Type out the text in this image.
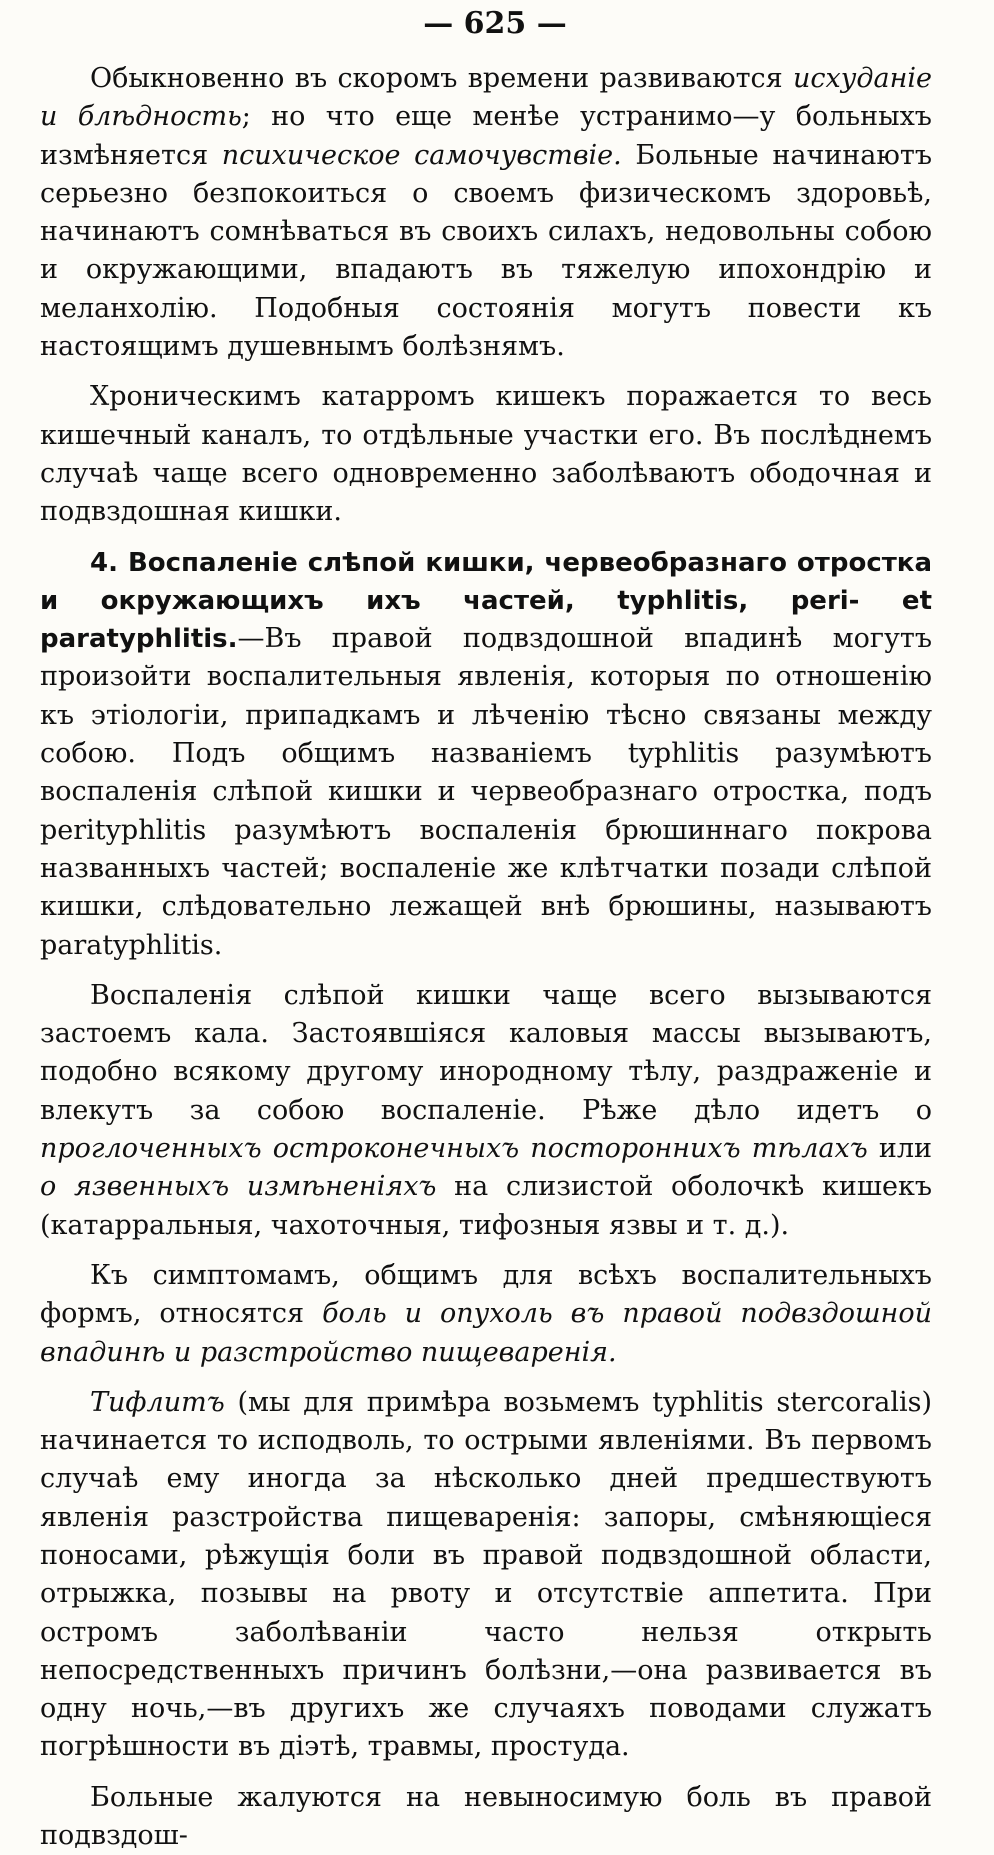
— 625 —

Обыкновенно въ скоромъ времени развиваются исхуданіе и блѣдность; но что еще менѣе устранимо—у больныхъ измѣняется психическое самочувствіе. Больные начинаютъ серьезно безпокоиться о своемъ физическомъ здоровьѣ, начинаютъ сомнѣваться въ своихъ силахъ, недовольны собою и окружающими, впадаютъ въ тяжелую ипохондрію и меланхолію. Подобныя состоянія могутъ повести къ настоящимъ душевнымъ болѣзнямъ.

Хроническимъ катарромъ кишекъ поражается то весь кишечный каналъ, то отдѣльные участки его. Въ послѣднемъ случаѣ чаще всего одновременно заболѣваютъ ободочная и подвздошная кишки.

4. Воспаленіе слѣпой кишки, червеобразнаго отростка и окружающихъ ихъ частей, typhlitis, peri- et paratyphlitis.—Въ правой подвздошной впадинѣ могутъ произойти воспалительныя явленія, которыя по отношенію къ этіологіи, припадкамъ и лѣченію тѣсно связаны между собою. Подъ общимъ названіемъ typhlitis разумѣютъ воспаленія слѣпой кишки и червеобразнаго отростка, подъ perityphlitis разумѣютъ воспаленія брюшиннаго покрова названныхъ частей; воспаленіе же клѣтчатки позади слѣпой кишки, слѣдовательно лежащей внѣ брюшины, называютъ paratyphlitis.

Воспаленія слѣпой кишки чаще всего вызываются застоемъ кала. Застоявшіяся каловыя массы вызываютъ, подобно всякому другому инородному тѣлу, раздраженіе и влекутъ за собою воспаленіе. Рѣже дѣло идетъ о проглоченныхъ остроконечныхъ постороннихъ тѣлахъ или о язвенныхъ измѣненіяхъ на слизистой оболочкѣ кишекъ (катарральныя, чахоточныя, тифозныя язвы и т. д.).

Къ симптомамъ, общимъ для всѣхъ воспалительныхъ формъ, относятся боль и опухоль въ правой подвздошной впадинѣ и разстройство пищеваренія.

Тифлитъ (мы для примѣра возьмемъ typhlitis stercoralis) начинается то исподволь, то острыми явленіями. Въ первомъ случаѣ ему иногда за нѣсколько дней предшествуютъ явленія разстройства пищеваренія: запоры, смѣняющіеся поносами, рѣжущія боли въ правой подвздошной области, отрыжка, позывы на рвоту и отсутствіе аппетита. При остромъ заболѣваніи часто нельзя открыть непосредственныхъ причинъ болѣзни,—она развивается въ одну ночь,—въ другихъ же случаяхъ поводами служатъ погрѣшности въ діэтѣ, травмы, простуда.

Больные жалуются на невыносимую боль въ правой подвздош-
